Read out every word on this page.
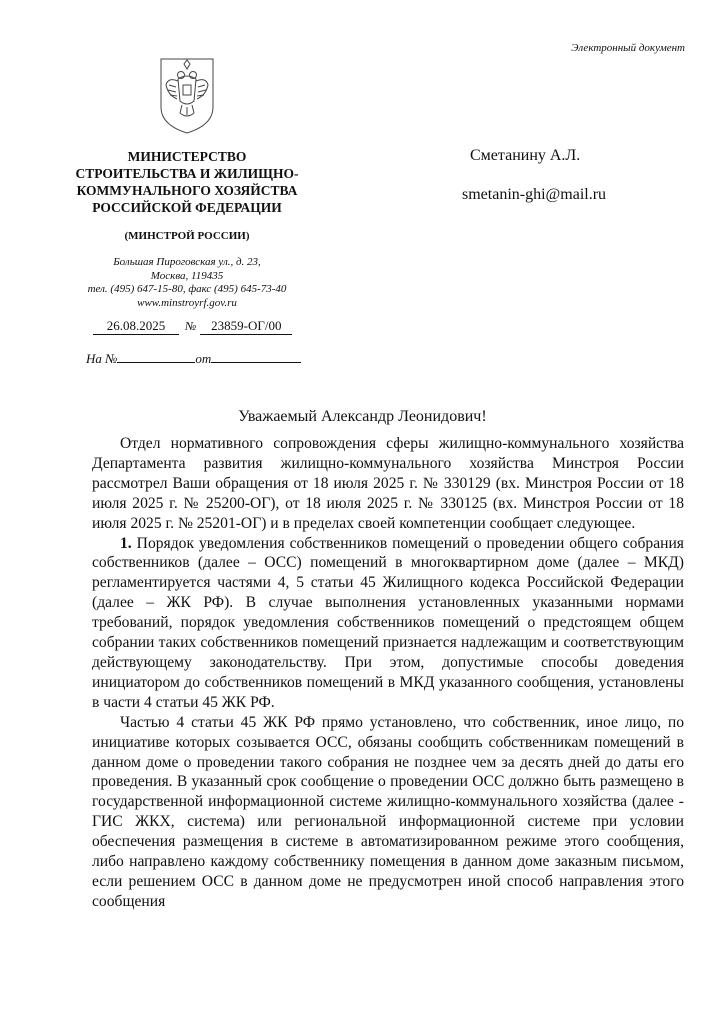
Электронный документ
МИНИСТЕРСТВО
СТРОИТЕЛЬСТВА И ЖИЛИЩНО-
КОММУНАЛЬНОГО ХОЗЯЙСТВА
РОССИЙСКОЙ ФЕДЕРАЦИИ
(МИНСТРОЙ РОССИИ)
Большая Пироговская ул., д. 23,
Москва, 119435
тел. (495) 647-15-80, факс (495) 645-73-40
www.minstroyrf.gov.ru
26.08.2025 № 23859-ОГ/00
На №	от
Сметанину А.Л.
smetanin-ghi@mail.ru
Уважаемый Александр Леонидович!

Отдел нормативного сопровождения сферы жилищно-коммунального хозяйства Департамента развития жилищно-коммунального хозяйства Минстроя России рассмотрел Ваши обращения от 18 июля 2025 г. № 330129 (вх. Минстроя России от 18 июля 2025 г. № 25200-ОГ), от 18 июля 2025 г. № 330125 (вх. Минстроя России от 18 июля 2025 г. № 25201-ОГ) и в пределах своей компетенции сообщает следующее.

1. Порядок уведомления собственников помещений о проведении общего собрания собственников (далее – ОСС) помещений в многоквартирном доме (далее – МКД) регламентируется частями 4, 5 статьи 45 Жилищного кодекса Российской Федерации (далее – ЖК РФ). В случае выполнения установленных указанными нормами требований, порядок уведомления собственников помещений о предстоящем общем собрании таких собственников помещений признается надлежащим и соответствующим действующему законодательству. При этом, допустимые способы доведения инициатором до собственников помещений в МКД указанного сообщения, установлены в части 4 статьи 45 ЖК РФ.

Частью 4 статьи 45 ЖК РФ прямо установлено, что собственник, иное лицо, по инициативе которых созывается ОСС, обязаны сообщить собственникам помещений в данном доме о проведении такого собрания не позднее чем за десять дней до даты его проведения. В указанный срок сообщение о проведении ОСС должно быть размещено в государственной информационной системе жилищно-коммунального хозяйства (далее - ГИС ЖКХ, система) или региональной информационной системе при условии обеспечения размещения в системе в автоматизированном режиме этого сообщения, либо направлено каждому собственнику помещения в данном доме заказным письмом, если решением ОСС в данном доме не предусмотрен иной способ направления этого сообщения
